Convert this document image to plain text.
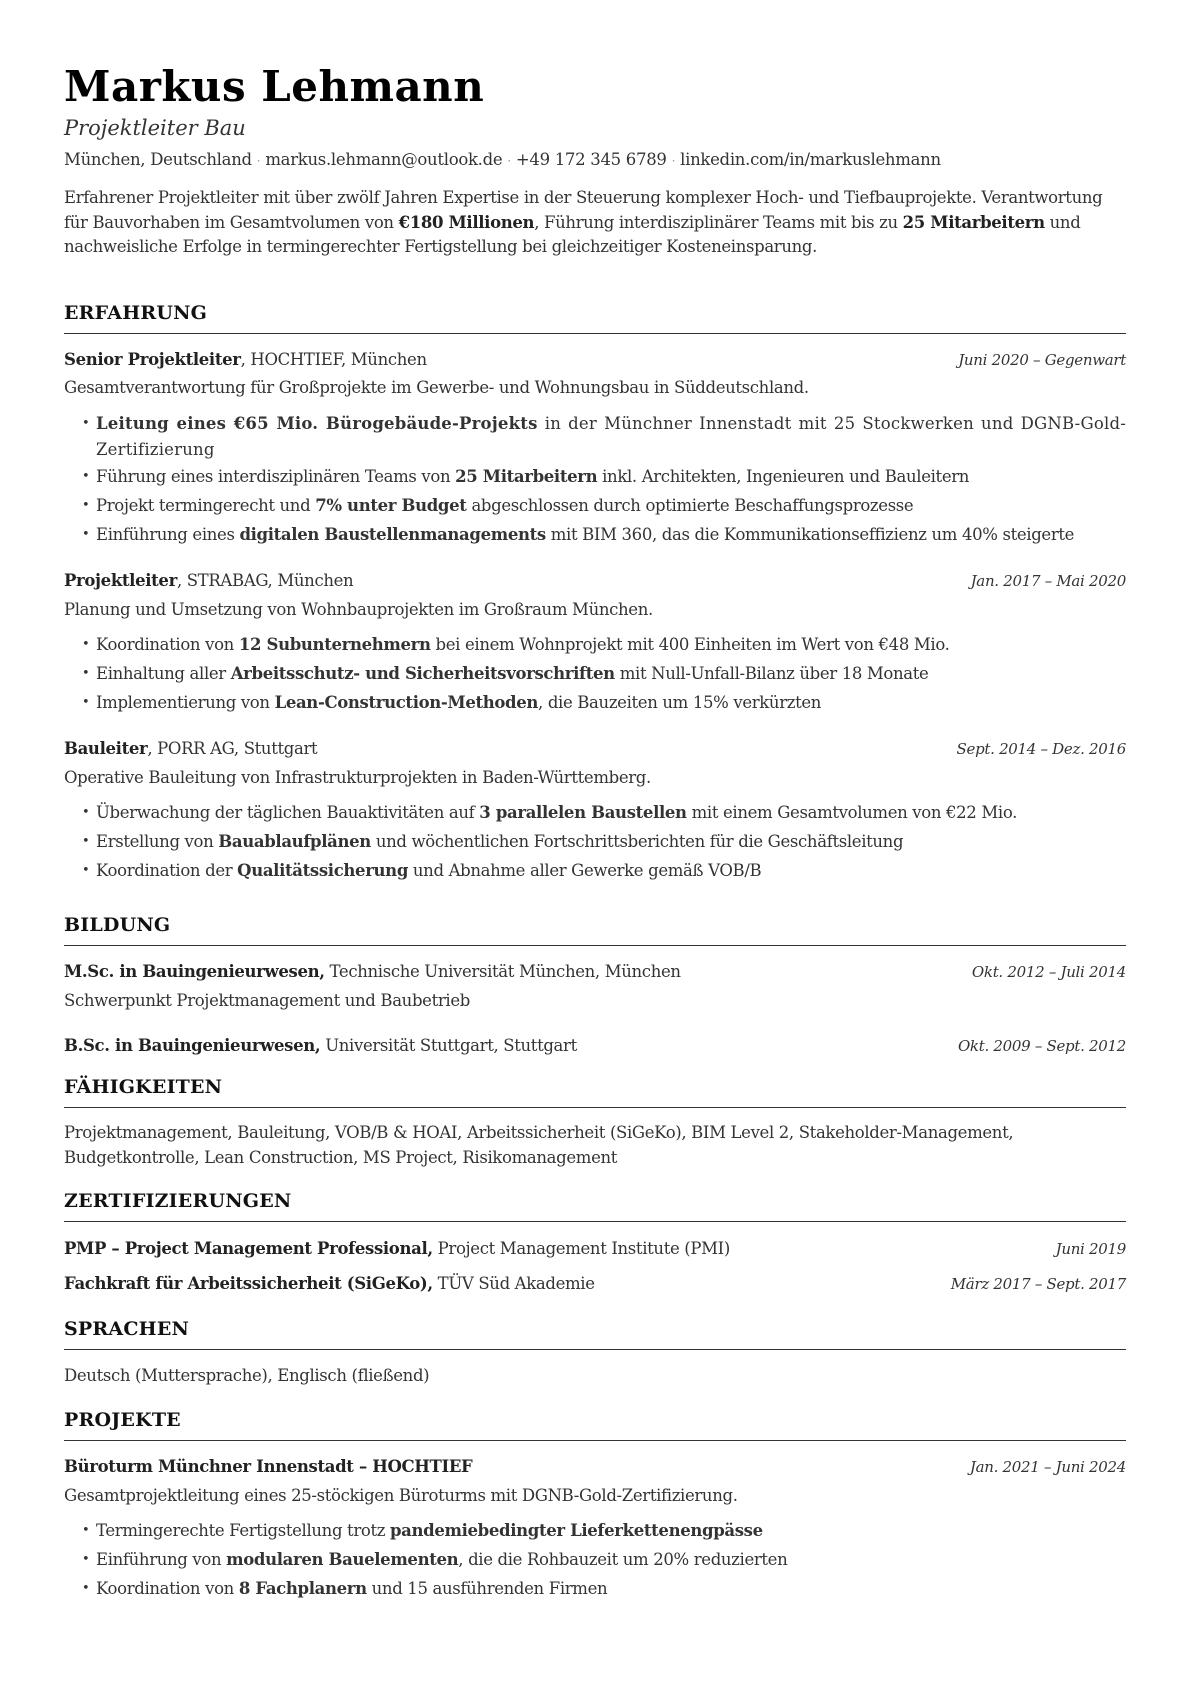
Markus Lehmann
Projektleiter Bau
München, Deutschland · markus.lehmann@outlook.de · +49 172 345 6789 · linkedin.com/in/markuslehmann
Erfahrener Projektleiter mit über zwölf Jahren Expertise in der Steuerung komplexer Hoch- und Tiefbauprojekte. Verantwortung für Bauvorhaben im Gesamtvolumen von €180 Millionen, Führung interdisziplinärer Teams mit bis zu 25 Mitarbeitern und nachweisliche Erfolge in termingerechter Fertigstellung bei gleichzeitiger Kosteneinsparung.
ERFAHRUNG
Senior Projektleiter, HOCHTIEF, München	Juni 2020 – Gegenwart
Gesamtverantwortung für Großprojekte im Gewerbe- und Wohnungsbau in Süddeutschland.
• Leitung eines €65 Mio. Bürogebäude-Projekts in der Münchner Innenstadt mit 25 Stockwerken und DGNB-Gold-Zertifizierung
• Führung eines interdisziplinären Teams von 25 Mitarbeitern inkl. Architekten, Ingenieuren und Bauleitern
• Projekt termingerecht und 7% unter Budget abgeschlossen durch optimierte Beschaffungsprozesse
• Einführung eines digitalen Baustellenmanagements mit BIM 360, das die Kommunikationseffizienz um 40% steigerte
Projektleiter, STRABAG, München	Jan. 2017 – Mai 2020
Planung und Umsetzung von Wohnbauprojekten im Großraum München.
• Koordination von 12 Subunternehmern bei einem Wohnprojekt mit 400 Einheiten im Wert von €48 Mio.
• Einhaltung aller Arbeitsschutz- und Sicherheitsvorschriften mit Null-Unfall-Bilanz über 18 Monate
• Implementierung von Lean-Construction-Methoden, die Bauzeiten um 15% verkürzten
Bauleiter, PORR AG, Stuttgart	Sept. 2014 – Dez. 2016
Operative Bauleitung von Infrastrukturprojekten in Baden-Württemberg.
• Überwachung der täglichen Bauaktivitäten auf 3 parallelen Baustellen mit einem Gesamtvolumen von €22 Mio.
• Erstellung von Bauablaufplänen und wöchentlichen Fortschrittsberichten für die Geschäftsleitung
• Koordination der Qualitätssicherung und Abnahme aller Gewerke gemäß VOB/B
BILDUNG
M.Sc. in Bauingenieurwesen, Technische Universität München, München	Okt. 2012 – Juli 2014
Schwerpunkt Projektmanagement und Baubetrieb
B.Sc. in Bauingenieurwesen, Universität Stuttgart, Stuttgart	Okt. 2009 – Sept. 2012
FÄHIGKEITEN
Projektmanagement, Bauleitung, VOB/B & HOAI, Arbeitssicherheit (SiGeKo), BIM Level 2, Stakeholder-Management, Budgetkontrolle, Lean Construction, MS Project, Risikomanagement
ZERTIFIZIERUNGEN
PMP – Project Management Professional, Project Management Institute (PMI)	Juni 2019
Fachkraft für Arbeitssicherheit (SiGeKo), TÜV Süd Akademie	März 2017 – Sept. 2017
SPRACHEN
Deutsch (Muttersprache), Englisch (fließend)
PROJEKTE
Büroturm Münchner Innenstadt – HOCHTIEF	Jan. 2021 – Juni 2024
Gesamtprojektleitung eines 25-stöckigen Büroturms mit DGNB-Gold-Zertifizierung.
• Termingerechte Fertigstellung trotz pandemiebedingter Lieferkettenengpässe
• Einführung von modularen Bauelementen, die die Rohbauzeit um 20% reduzierten
• Koordination von 8 Fachplanern und 15 ausführenden Firmen
